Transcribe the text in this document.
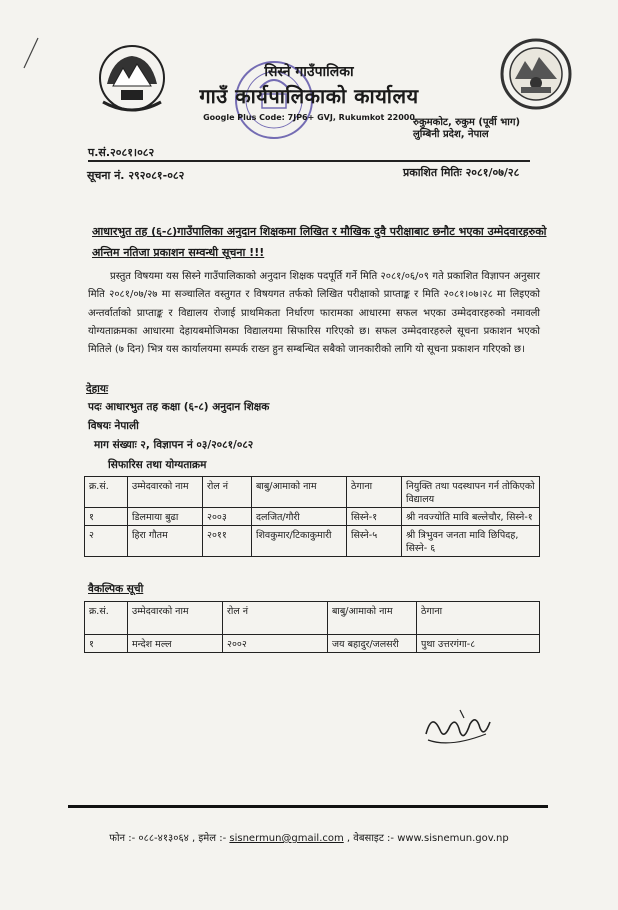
सिस्ने गाउँपालिका
गाउँ कार्यपालिकाको कार्यालय
Google Plus Code: 7JP6+ GVJ, Rukumkot 22000
रुकुमकोट, रुकुम (पूर्वी भाग)
लुम्बिनी प्रदेश, नेपाल
प.सं.२०८१।०८२
सूचना नं. २९२०८१-०८२	प्रकाशित मितिः २०८१/०७/२८
आधारभुत तह (६-८)गाउँपालिका अनुदान शिक्षकमा लिखित र मौखिक दुवै परीक्षाबाट छनौट भएका उम्मेदवारहरुको अन्तिम नतिजा प्रकाशन सम्वन्धी सूचना !!!
प्रस्तुत विषयमा यस सिस्ने गाउँपालिकाको अनुदान शिक्षक पदपूर्ति गर्ने मिति २०८१/०६/०९ गते प्रकाशित विज्ञापन अनुसार मिति २०८१/०७/२७ मा सञ्चालित वस्तुगत र विषयगत तर्फको लिखित परीक्षाको प्राप्ताङ्क र मिति २०८१।०७।२८ मा लिइएको अन्तर्वार्ताको प्राप्ताङ्क र विद्यालय रोजाई प्राथमिकता निर्धारण फारामका आधारमा सफल भएका उम्मेदवारहरुको नमावली योग्यताक्रमका आधारमा देहायबमोजिमका विद्यालयमा सिफारिस गरिएको छ। सफल उम्मेदवारहरुले सूचना प्रकाशन भएको मितिले (७ दिन) भित्र यस कार्यालयमा सम्पर्क राख्न हुन सम्बन्धित सबैको जानकारीको लागि यो सूचना प्रकाशन गरिएको छ।
देहायः
पदः आधारभुत तह कक्षा (६-८) अनुदान शिक्षक
विषयः नेपाली
माग संख्याः २, विज्ञापन नं ०३/२०८१/०८२
सिफारिस तथा योग्यताक्रम
क्र.सं.	उम्मेदवारको नाम	रोल नं	बाबु/आमाको नाम	ठेगाना	नियुक्ति तथा पदस्थापन गर्न तोकिएको विद्यालय
१	डिलमाया बुढा	२००३	दलजित/गौरी	सिस्ने-१	श्री नवज्योति मावि बल्लेचौर, सिस्ने-१
२	हिरा गौतम	२०११	शिवकुमार/टिकाकुमारी	सिस्ने-५	श्री त्रिभुवन जनता मावि छिपिदह, सिस्ने- ६
वैकल्पिक सूची
क्र.सं.	उम्मेदवारको नाम	रोल नं	बाबु/आमाको नाम	ठेगाना
१	मन्देश मल्ल	२००२	जय बहादुर/जलसरी	पुथा उत्तरगंगा-८
फोन :- ०८८-४१३०६४ , इमेल :- sisnermun@gmail.com , वेबसाइट :- www.sisnemun.gov.np
